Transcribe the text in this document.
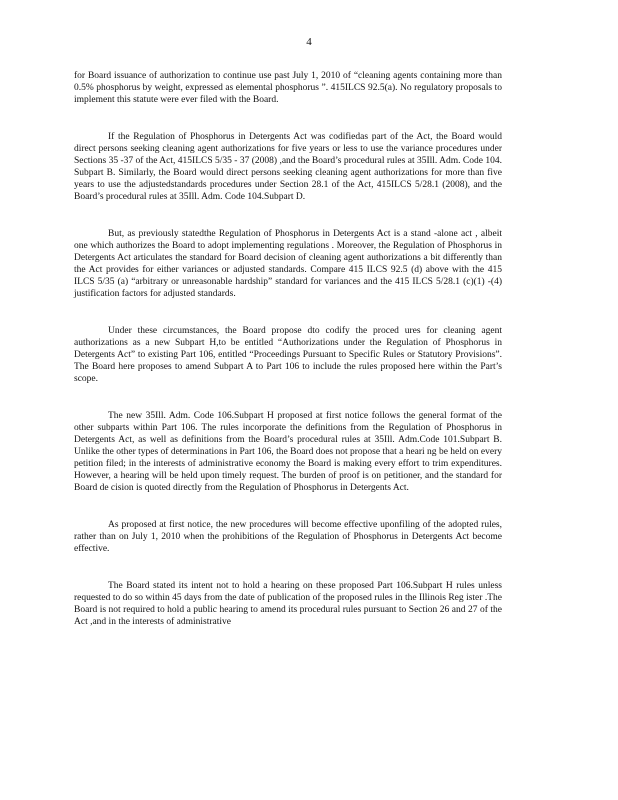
4

for Board issuance of authorization to continue use past July 1, 2010 of “cleaning agents containing more than 0.5% phosphorus by weight, expressed as elemental phosphorus ”. 415ILCS 92.5(a). No regulatory proposals to implement this statute were ever filed with the Board.

If the Regulation of Phosphorus in Detergents Act was codifiedas part of the Act, the Board would direct persons seeking cleaning agent authorizations for five years or less to use the variance procedures under Sections 35 -37 of the Act, 415ILCS 5/35 - 37 (2008) ,and the Board’s procedural rules at 35Ill. Adm. Code 104. Subpart B. Similarly, the Board would direct persons seeking cleaning agent authorizations for more than five years to use the adjustedstandards procedures under Section 28.1 of the Act, 415ILCS 5/28.1 (2008), and the Board’s procedural rules at 35Ill. Adm. Code 104.Subpart D.

But, as previously statedthe Regulation of Phosphorus in Detergents Act is a stand -alone act , albeit one which authorizes the Board to adopt implementing regulations . Moreover, the Regulation of Phosphorus in Detergents Act articulates the standard for Board decision of cleaning agent authorizations a bit differently than the Act provides for either variances or adjusted standards. Compare 415 ILCS 92.5 (d) above with the 415 ILCS 5/35 (a) “arbitrary or unreasonable hardship” standard for variances and the 415 ILCS 5/28.1 (c)(1) -(4) justification factors for adjusted standards.

Under these circumstances, the Board propose dto codify the proced ures for cleaning agent authorizations as a new Subpart H,to be entitled “Authorizations under the Regulation of Phosphorus in Detergents Act” to existing Part 106, entitled “Proceedings Pursuant to Specific Rules or Statutory Provisions”. The Board here proposes to amend Subpart A to Part 106 to include the rules proposed here within the Part’s scope.

The new 35Ill. Adm. Code 106.Subpart H proposed at first notice follows the general format of the other subparts within Part 106. The rules incorporate the definitions from the Regulation of Phosphorus in Detergents Act, as well as definitions from the Board’s procedural rules at 35Ill. Adm.Code 101.Subpart B. Unlike the other types of determinations in Part 106, the Board does not propose that a heari ng be held on every petition filed; in the interests of administrative economy the Board is making every effort to trim expenditures. However, a hearing will be held upon timely request. The burden of proof is on petitioner, and the standard for Board de cision is quoted directly from the Regulation of Phosphorus in Detergents Act.

As proposed at first notice, the new procedures will become effective uponfiling of the adopted rules, rather than on July 1, 2010 when the prohibitions of the Regulation of Phosphorus in Detergents Act become effective.

The Board stated its intent not to hold a hearing on these proposed Part 106.Subpart H rules unless requested to do so within 45 days from the date of publication of the proposed rules in the Illinois Reg ister .The Board is not required to hold a public hearing to amend its procedural rules pursuant to Section 26 and 27 of the Act ,and in the interests of administrative
